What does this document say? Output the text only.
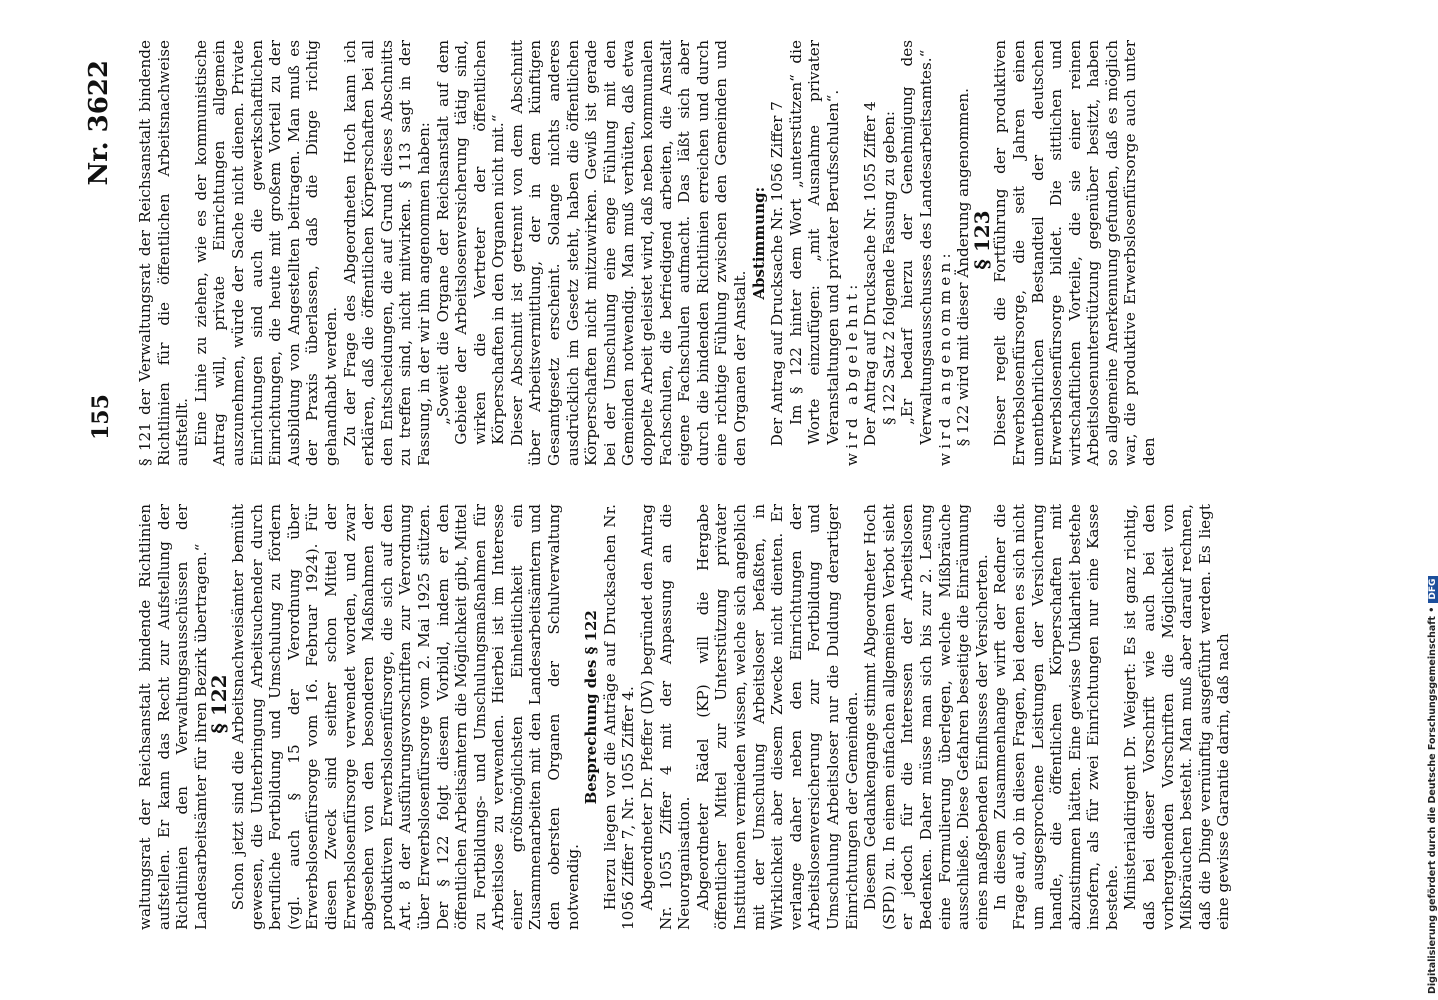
155
Nr. 3622

waltungsrat der Reichsanstalt bindende Richtlinien aufstellen. Er kann das Recht zur Aufstellung der Richtlinien den Verwaltungsausschüssen der Landesarbeitsämter für ihren Bezirk übertragen.“

§ 122

Schon jetzt sind die Arbeitsnachweisämter bemüht gewesen, die Unterbringung Arbeitsuchender durch berufliche Fortbildung und Umschulung zu fördern (vgl. auch § 15 der Verordnung über Erwerbslosenfürsorge vom 16. Februar 1924). Für diesen Zweck sind seither schon Mittel der Erwerbslosenfürsorge verwendet worden, und zwar abgesehen von den besonderen Maßnahmen der produktiven Erwerbslosenfürsorge, die sich auf den Art. 8 der Ausführungsvorschriften zur Verordnung über Erwerbslosenfürsorge vom 2. Mai 1925 stützen. Der § 122 folgt diesem Vorbild, indem er den öffentlichen Arbeitsämtern die Möglichkeit gibt, Mittel zu Fortbildungs- und Umschulungsmaßnahmen für Arbeitslose zu verwenden. Hierbei ist im Interesse einer größtmöglichsten Einheitlichkeit ein Zusammenarbeiten mit den Landesarbeitsämtern und den obersten Organen der Schulverwaltung notwendig.

Besprechung des § 122 Hierzu liegen vor die Anträge auf Drucksachen Nr. 1056 Ziffer 7, Nr. 1055 Ziffer 4. Abgeordneter Dr. Pfeffer (DV) begründet den Antrag Nr. 1055 Ziffer 4 mit der Anpassung an die Neuorganisation. Abgeordneter Rädel (KP) will die Hergabe öffentlicher Mittel zur Unterstützung privater Institutionen vermieden wissen, welche sich angeblich mit der Umschulung Arbeitsloser befaßten, in Wirklichkeit aber diesem Zwecke nicht dienten. Er verlange daher neben den Einrichtungen der Arbeitslosenversicherung zur Fortbildung und Umschulung Arbeitsloser nur die Duldung derartiger Einrichtungen der Gemeinden. Diesem Gedankengange stimmt Abgeordneter Hoch (SPD) zu. In einem einfachen allgemeinen Verbot sieht er jedoch für die Interessen der Arbeitslosen Bedenken. Daher müsse man sich bis zur 2. Lesung eine Formulierung überlegen, welche Mißbräuche ausschließe. Diese Gefahren beseitige die Einräumung eines maßgebenden Einflusses der Versicherten. In diesem Zusammenhange wirft der Redner die Frage auf, ob in diesen Fragen, bei denen es sich nicht um ausgesprochene Leistungen der Versicherung handle, die öffentlichen Körperschaften mit abzustimmen hätten. Eine gewisse Unklarheit bestehe insofern, als für zwei Einrichtungen nur eine Kasse bestehe. Ministerialdirigent Dr. Weigert: Es ist ganz richtig, daß bei dieser Vorschrift wie auch bei den vorhergehenden Vorschriften die Möglichkeit von Mißbräuchen besteht. Man muß aber darauf rechnen, daß die Dinge vernünftig ausgeführt werden. Es liegt eine gewisse Garantie darin, daß nach

§ 121 der Verwaltungsrat der Reichsanstalt bindende Richtlinien für die öffentlichen Arbeitsnachweise aufstellt. Eine Linie zu ziehen, wie es der kommunistische Antrag will, private Einrichtungen allgemein auszunehmen, würde der Sache nicht dienen. Private Einrichtungen sind auch die gewerkschaftlichen Einrichtungen, die heute mit großem Vorteil zu der Ausbildung von Angestellten beitragen. Man muß es der Praxis überlassen, daß die Dinge richtig gehandhabt werden. Zu der Frage des Abgeordneten Hoch kann ich erklären, daß die öffentlichen Körperschaften bei all den Entscheidungen, die auf Grund dieses Abschnitts zu treffen sind, nicht mitwirken. § 113 sagt in der Fassung, in der wir ihn angenommen haben: „Soweit die Organe der Reichsanstalt auf dem Gebiete der Arbeitslosenversicherung tätig sind, wirken die Vertreter der öffentlichen Körperschaften in den Organen nicht mit.“ Dieser Abschnitt ist getrennt von dem Abschnitt über Arbeitsvermittlung, der in dem künftigen Gesamtgesetz erscheint. Solange nichts anderes ausdrücklich im Gesetz steht, haben die öffentlichen Körperschaften nicht mitzuwirken. Gewiß ist gerade bei der Umschulung eine enge Fühlung mit den Gemeinden notwendig. Man muß verhüten, daß etwa doppelte Arbeit geleistet wird, daß neben kommunalen Fachschulen, die befriedigend arbeiten, die Anstalt eigene Fachschulen aufmacht. Das läßt sich aber durch die bindenden Richtlinien erreichen und durch eine richtige Fühlung zwischen den Gemeinden und den Organen der Anstalt.

Abstimmung: Der Antrag auf Drucksache Nr. 1056 Ziffer 7 Im § 122 hinter dem Wort „unterstützen“ die Worte einzufügen: „mit Ausnahme privater Veranstaltungen und privater Berufsschulen“. wird abgelehnt: Der Antrag auf Drucksache Nr. 1055 Ziffer 4 § 122 Satz 2 folgende Fassung zu geben: „Er bedarf hierzu der Genehmigung des Verwaltungsausschusses des Landesarbeitsamtes.“ wird angenommen: § 122 wird mit dieser Änderung angenommen.

§ 123

Dieser regelt die Fortführung der produktiven Erwerbslosenfürsorge, die seit Jahren einen unentbehrlichen Bestandteil der deutschen Erwerbslosenfürsorge bildet. Die sittlichen und wirtschaftlichen Vorteile, die sie einer reinen Arbeitslosenunterstützung gegenüber besitzt, haben so allgemeine Anerkennung gefunden, daß es möglich war, die produktive Erwerbslosenfürsorge auch unter den

Digitalisierung gefördert durch die Deutsche Forschungsgemeinschaft •DFG
